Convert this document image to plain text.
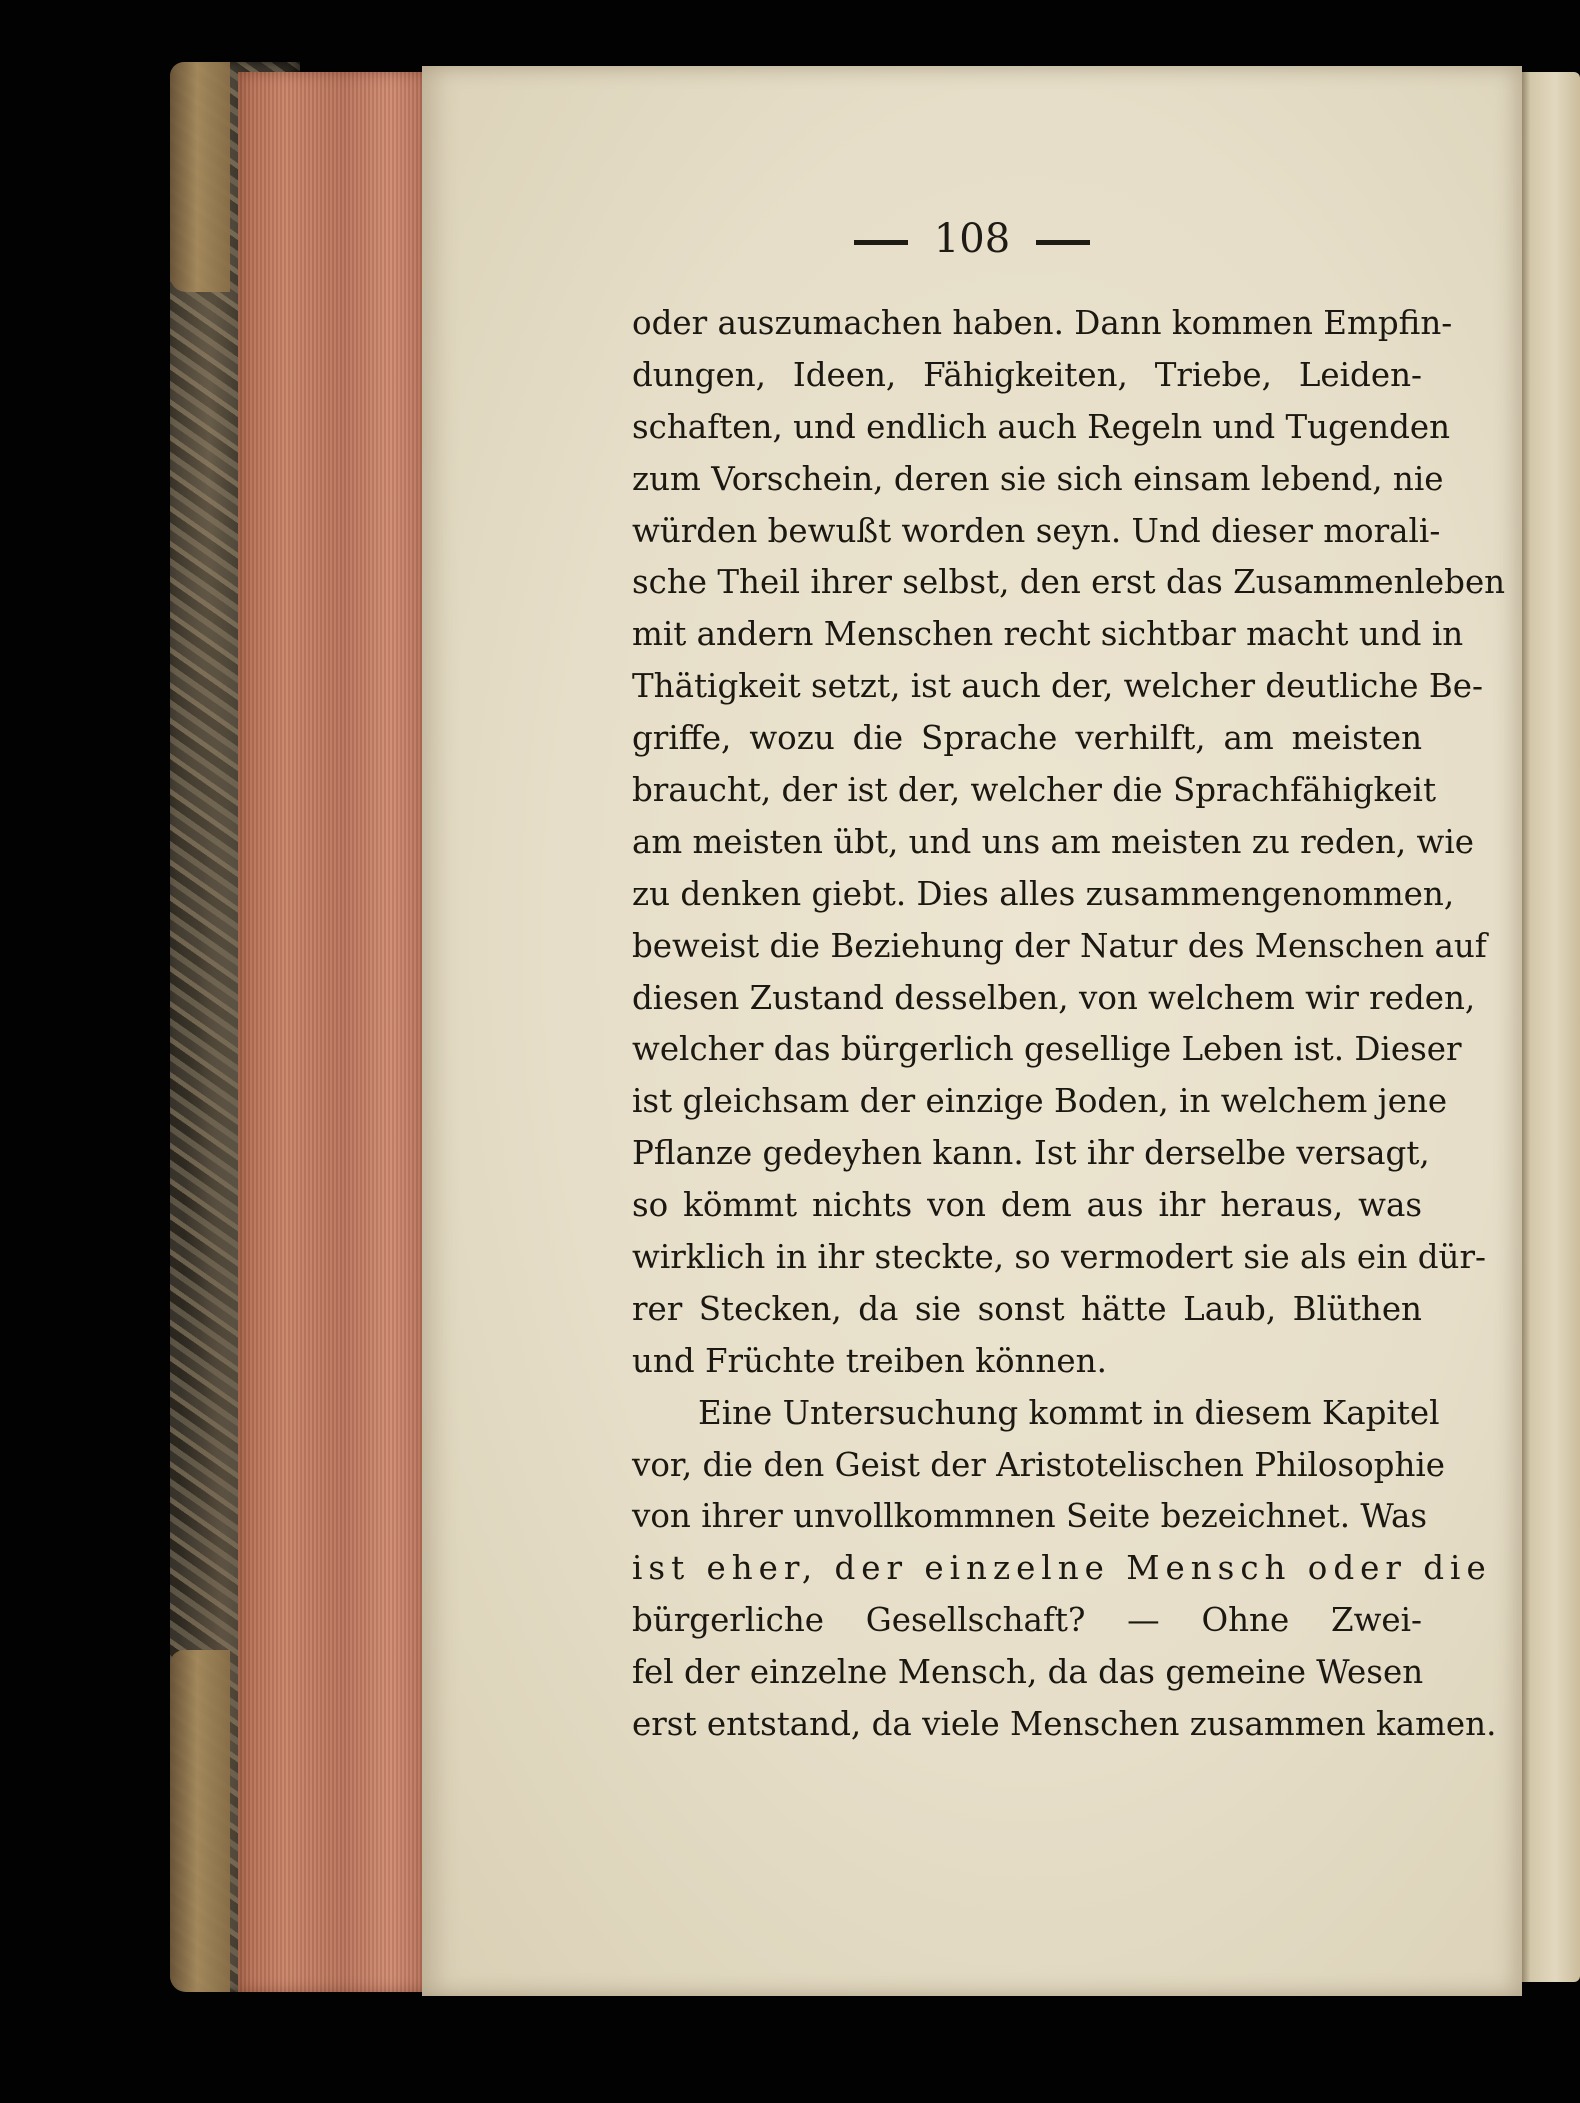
108
oder auszumachen haben. Dann kommen Empfin-
dungen, Ideen, Fähigkeiten, Triebe, Leiden-
schaften, und endlich auch Regeln und Tugenden
zum Vorschein, deren sie sich einsam lebend, nie
würden bewußt worden seyn. Und dieser morali-
sche Theil ihrer selbst, den erst das Zusammenleben
mit andern Menschen recht sichtbar macht und in
Thätigkeit setzt, ist auch der, welcher deutliche Be-
griffe, wozu die Sprache verhilft, am meisten
braucht, der ist der, welcher die Sprachfähigkeit
am meisten übt, und uns am meisten zu reden, wie
zu denken giebt. Dies alles zusammengenommen,
beweist die Beziehung der Natur des Menschen auf
diesen Zustand desselben, von welchem wir reden,
welcher das bürgerlich gesellige Leben ist. Dieser
ist gleichsam der einzige Boden, in welchem jene
Pflanze gedeyhen kann. Ist ihr derselbe versagt,
so kömmt nichts von dem aus ihr heraus, was
wirklich in ihr steckte, so vermodert sie als ein dür-
rer Stecken, da sie sonst hätte Laub, Blüthen
und Früchte treiben können.
Eine Untersuchung kommt in diesem Kapitel
vor, die den Geist der Aristotelischen Philosophie
von ihrer unvollkommnen Seite bezeichnet. Was
ist eher, der einzelne Mensch oder die
bürgerliche Gesellschaft? — Ohne Zwei-
fel der einzelne Mensch, da das gemeine Wesen
erst entstand, da viele Menschen zusammen kamen.
